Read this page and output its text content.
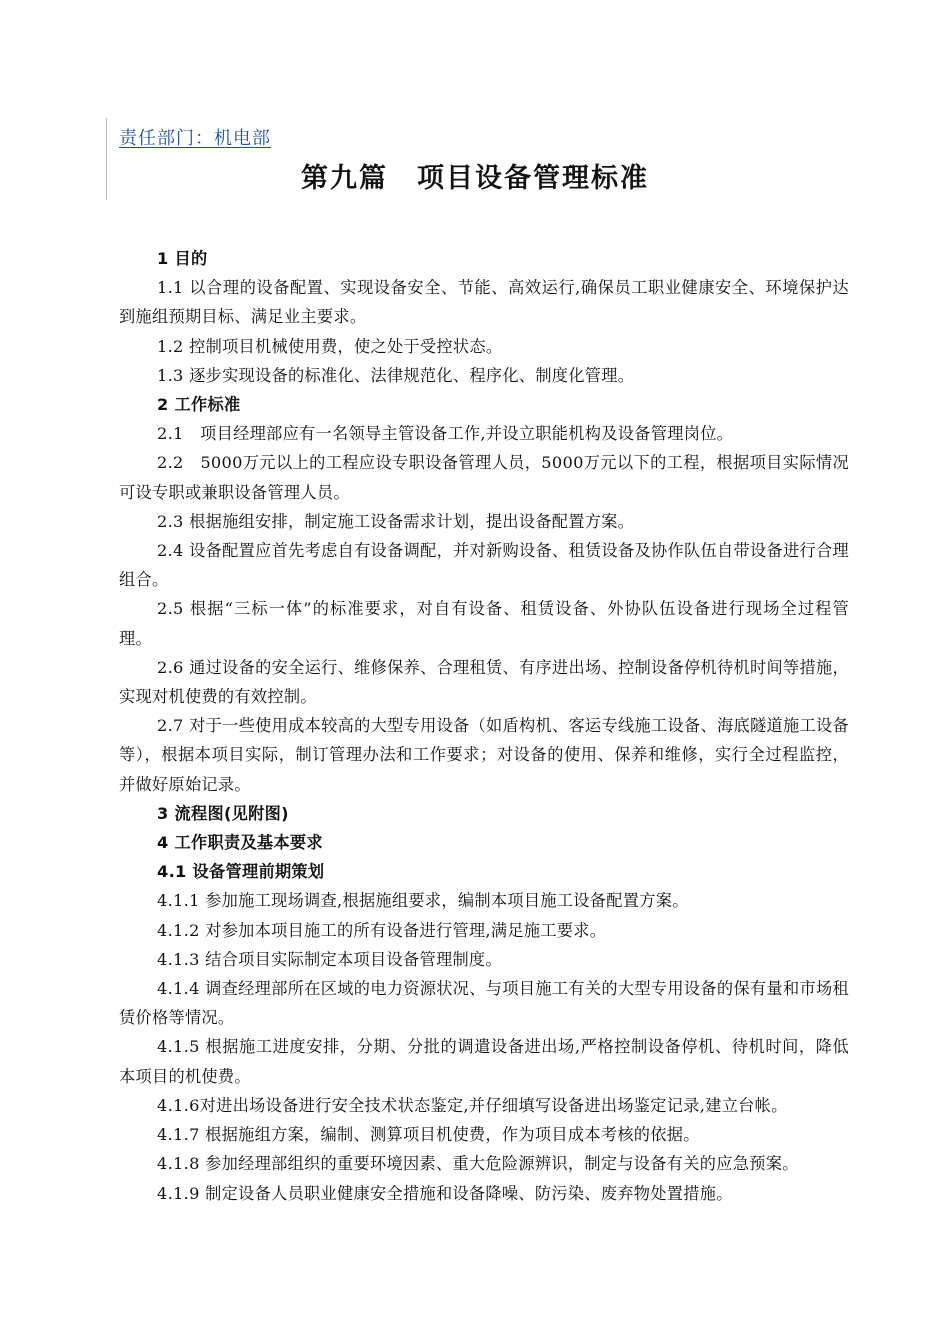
责任部门：机电部
第九篇　项目设备管理标准

1 目的

1.1 以合理的设备配置、实现设备安全、节能、高效运行,确保员工职业健康安全、环境保护达到施组预期目标、满足业主要求。

1.2 控制项目机械使用费，使之处于受控状态。

1.3 逐步实现设备的标准化、法律规范化、程序化、制度化管理。

2 工作标准

2.1　项目经理部应有一名领导主管设备工作,并设立职能机构及设备管理岗位。

2.2　5000万元以上的工程应设专职设备管理人员，5000万元以下的工程，根据项目实际情况可设专职或兼职设备管理人员。

2.3 根据施组安排，制定施工设备需求计划，提出设备配置方案。

2.4 设备配置应首先考虑自有设备调配，并对新购设备、租赁设备及协作队伍自带设备进行合理组合。

2.5 根据“三标一体”的标准要求，对自有设备、租赁设备、外协队伍设备进行现场全过程管理。

2.6 通过设备的安全运行、维修保养、合理租赁、有序进出场、控制设备停机待机时间等措施，实现对机使费的有效控制。

2.7 对于一些使用成本较高的大型专用设备（如盾构机、客运专线施工设备、海底隧道施工设备等），根据本项目实际，制订管理办法和工作要求；对设备的使用、保养和维修，实行全过程监控，并做好原始记录。

3 流程图(见附图)

4 工作职责及基本要求

4.1 设备管理前期策划

4.1.1 参加施工现场调查,根据施组要求，编制本项目施工设备配置方案。

4.1.2 对参加本项目施工的所有设备进行管理,满足施工要求。

4.1.3 结合项目实际制定本项目设备管理制度。

4.1.4 调查经理部所在区域的电力资源状况、与项目施工有关的大型专用设备的保有量和市场租赁价格等情况。

4.1.5 根据施工进度安排，分期、分批的调遣设备进出场,严格控制设备停机、待机时间，降低本项目的机使费。

4.1.6对进出场设备进行安全技术状态鉴定,并仔细填写设备进出场鉴定记录,建立台帐。

4.1.7 根据施组方案，编制、测算项目机使费，作为项目成本考核的依据。

4.1.8 参加经理部组织的重要环境因素、重大危险源辨识，制定与设备有关的应急预案。

4.1.9 制定设备人员职业健康安全措施和设备降噪、防污染、废弃物处置措施。
